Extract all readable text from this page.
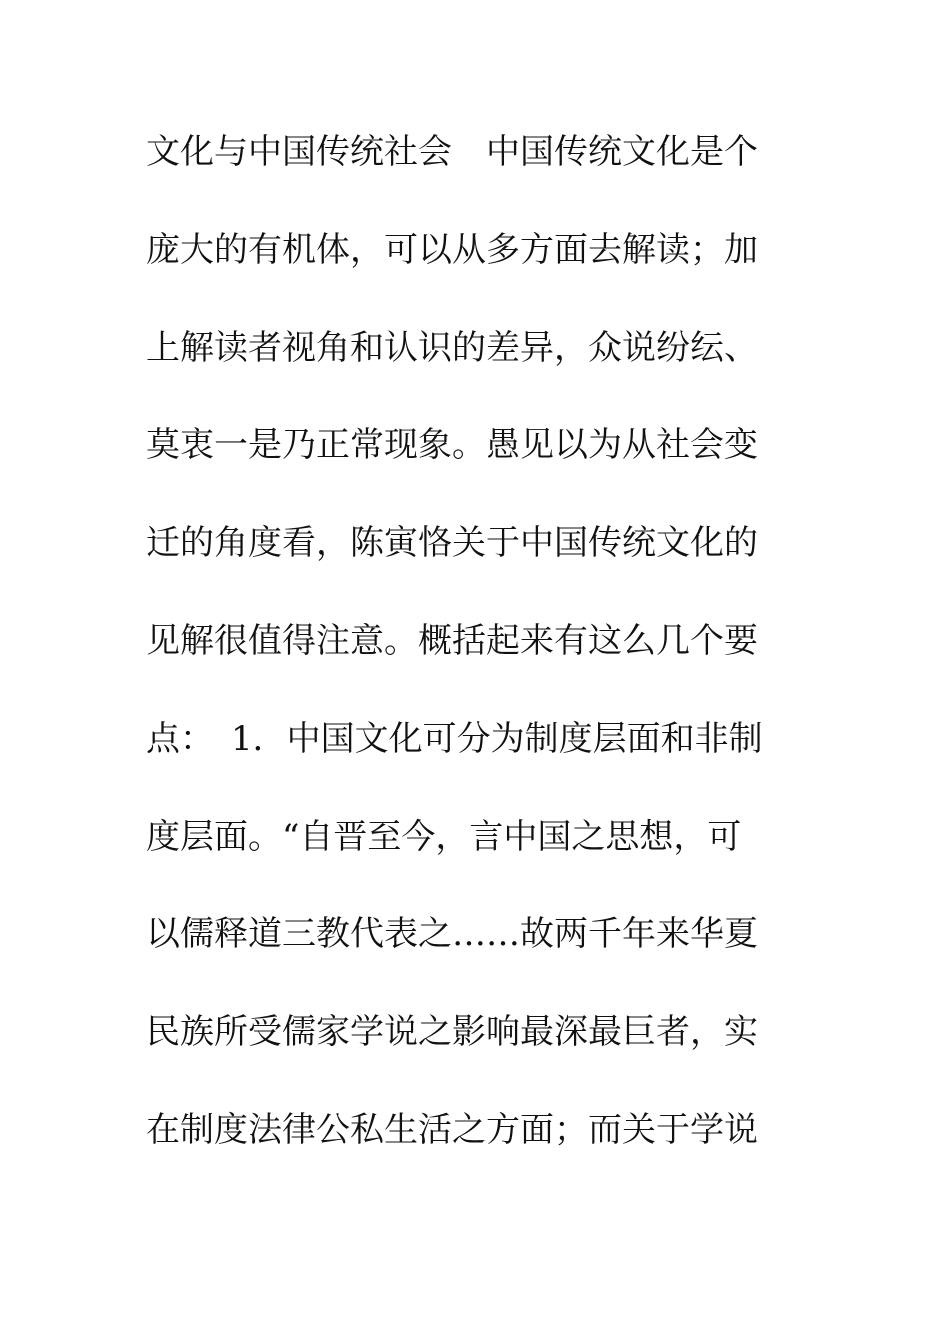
文化与中国传统社会　中国传统文化是个
庞大的有机体，可以从多方面去解读；加
上解读者视角和认识的差异，众说纷纭、
莫衷一是乃正常现象。愚见以为从社会变
迁的角度看，陈寅恪关于中国传统文化的
见解很值得注意。概括起来有这么几个要
点：　1．中国文化可分为制度层面和非制
度层面。“自晋至今，言中国之思想，可
以儒释道三教代表之……故两千年来华夏
民族所受儒家学说之影响最深最巨者，实
在制度法律公私生活之方面；而关于学说
